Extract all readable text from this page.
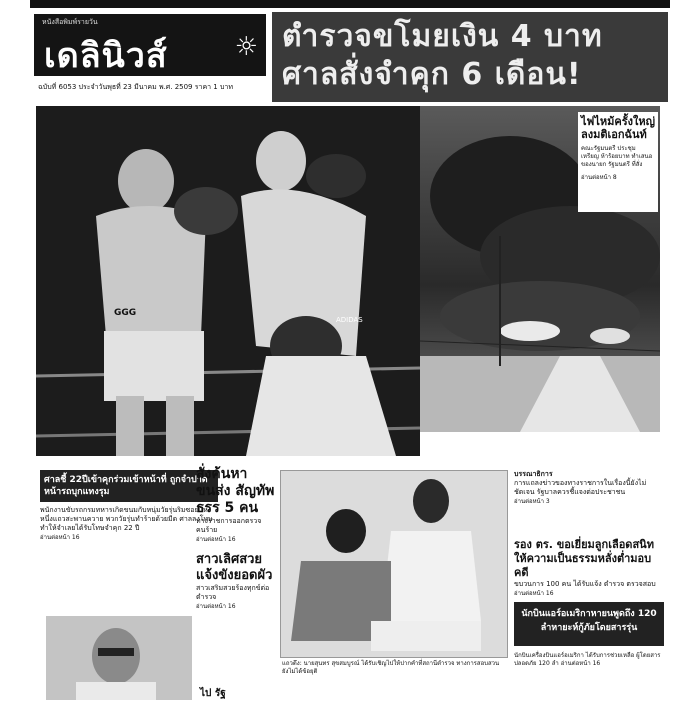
หนังสือพิมพ์รายวัน
เดลินิวส์	☼
ฉบับที่ 6053 ประจำวันพุธที่ 23 มีนาคม พ.ศ. 2509 ราคา 1 บาท
ตำรวจขโมยเงิน 4 บาท
ศาลสั่งจำคุก 6 เดือน!
GGG
ADIDAS
ไฟไหม้ครั้งใหญ่
ลงมติเอกฉันท์
คณะรัฐมนตรี ประชุม เหรียญ ห้าร้อยบาท ทำเสนอ ของนายก รัฐมนตรี ที่สั่ง
อ่านต่อหน้า 8
ศาลชี้ 22ปีเข้าคุกร่วมเข้าหน้าที่ ถูกจำปาดหน้ารถบุกแทงรุม
พนักงานขับรถกรมทหารเกิดขนมกับหนุ่มวัยรุ่นริมซอยแห่งหนึ่งแถวสะพานควาย พวกวัยรุ่นทำร้ายด้วยมีด ศาลลงโทษ ทำให้จำเลยได้รับโทษจำคุก 22 ปี
อ่านต่อหน้า 16
สั่งค้นหาขนส่ง สัญทัพธรร 5 คน
ทางราชการออกตรวจคนร้าย
อ่านต่อหน้า 16
สาวเลิศสวย แจ้งขังยอดผัว
สาวเสริมสวยร้องทุกข์ต่อตำรวจ
อ่านต่อหน้า 16
แถวดึง: นายสุนทร สุขสมบูรณ์ ได้รับเชิญไปให้ปากคำที่สถานีตำรวจ ทางการสอบสวน ยังไม่ได้ข้อยุติ
บรรณาธิการ
การแถลงข่าวของทางราชการในเรื่องนี้ยังไม่ชัดเจน รัฐบาลควรชี้แจงต่อประชาชน
อ่านต่อหน้า 3
รอง ตร. ขอเยี่ยมลูกเลือดสนิทให้ความเป็นธรรมหลั่งต่ำมอบคดี
ขบวนการ 100 คน ได้รับแจ้ง ตำรวจ ตรวจสอบ
อ่านต่อหน้า 16
นักบินแอร์อเมริกาหายนพูดถึง 120 ลำหายะห์กู้ภัยโดยสารรุ่น
นักบินเครื่องบินแอร์อเมริกา ได้รับการช่วยเหลือ ผู้โดยสารปลอดภัย 120 ลำ อ่านต่อหน้า 16
ไป รัฐ
